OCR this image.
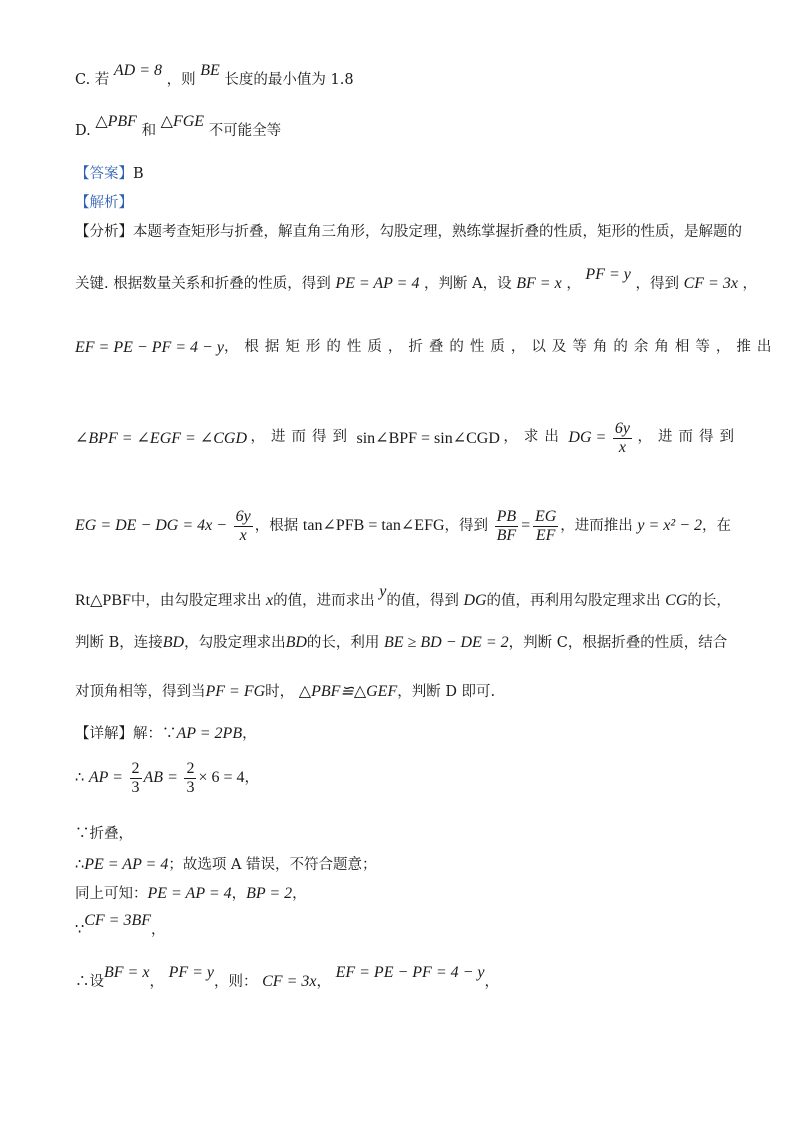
C. 若 AD = 8 ，则 BE 长度的最小值为 1.8
D. △PBF 和 △FGE 不可能全等
【答案】B
【解析】
【分析】本题考查矩形与折叠，解直角三角形，勾股定理，熟练掌握折叠的性质，矩形的性质，是解题的
关键. 根据数量关系和折叠的性质，得到 PE = AP = 4 ，判断 A，设 BF = x ， PF = y ，得到 CF = 3x ，
EF = PE − PF = 4 − y ，根据矩形的性质，折叠的性质，以及等角的余角相等，推出
∠BPF = ∠EGF = ∠CGD ，进而得到 sin∠BPF = sin∠CGD ，求出 DG = $\frac{6y}{x}$ ，进而得到
EG = DE − DG = $4x - \frac{6y}{x}$ ，根据 tan∠PFB = tan∠EFG，得到 $\frac{PB}{BF} = \frac{EG}{EF}$ ，进而推出 y = x² − 2，在
Rt△PBF中，由勾股定理求出 x的值，进而求出 y的值，得到 DG的值，再利用勾股定理求出 CG的长，
判断 B，连接BD，勾股定理求出BD的长，利用 BE ≥ BD − DE = 2，判断 C，根据折叠的性质，结合
对顶角相等，得到当PF = FG时， △PBF≌△GEF，判断 D 即可.
【详解】解：∵AP = 2PB，
∴ AP = $\frac{2}{3}$ AB = $\frac{2}{3} \times 6 = 4$，
∵折叠，
∴PE = AP = 4；故选项 A 错误，不符合题意；
同上可知：PE = AP = 4，BP = 2，
∵CF = 3BF，
∴设BF = x， PF = y，则： CF = 3x， EF = PE − PF = 4 − y，
